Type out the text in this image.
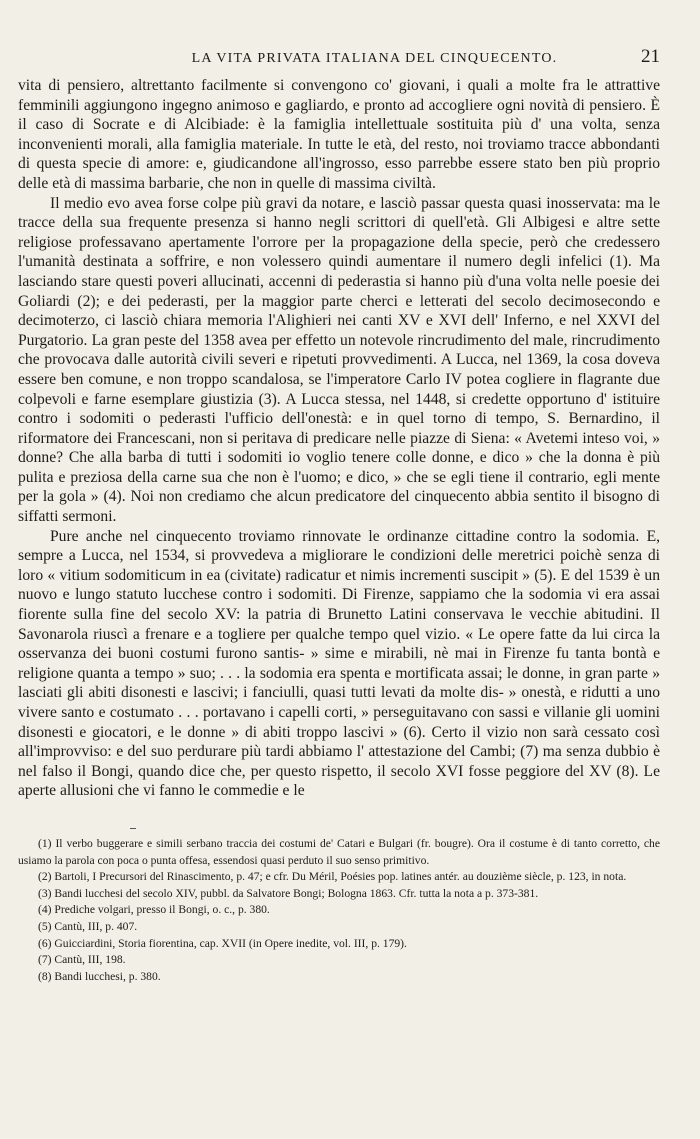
LA VITA PRIVATA ITALIANA DEL CINQUECENTO.	21

vita di pensiero, altrettanto facilmente si convengono co' giovani, i quali a molte fra le attrattive femminili aggiungono ingegno animoso e gagliardo, e pronto ad accogliere ogni novità di pensiero. È il caso di Socrate e di Alcibiade: è la famiglia intellettuale sostituita più d' una volta, senza inconvenienti morali, alla famiglia materiale. In tutte le età, del resto, noi troviamo tracce abbondanti di questa specie di amore: e, giudicandone all'ingrosso, esso parrebbe essere stato ben più proprio delle età di massima barbarie, che non in quelle di massima civiltà.

Il medio evo avea forse colpe più gravi da notare, e lasciò passar questa quasi inosservata: ma le tracce della sua frequente presenza si hanno negli scrittori di quell'età. Gli Albigesi e altre sette religiose professavano apertamente l'orrore per la propagazione della specie, però che credessero l'umanità destinata a soffrire, e non volessero quindi aumentare il numero degli infelici (1). Ma lasciando stare questi poveri allucinati, accenni di pederastia si hanno più d'una volta nelle poesie dei Goliardi (2); e dei pederasti, per la maggior parte cherci e letterati del secolo decimosecondo e decimoterzo, ci lasciò chiara memoria l'Alighieri nei canti XV e XVI dell' Inferno, e nel XXVI del Purgatorio. La gran peste del 1358 avea per effetto un notevole rincrudimento del male, rincrudimento che provocava dalle autorità civili severi e ripetuti provvedimenti. A Lucca, nel 1369, la cosa doveva essere ben comune, e non troppo scandalosa, se l'imperatore Carlo IV potea cogliere in flagrante due colpevoli e farne esemplare giustizia (3). A Lucca stessa, nel 1448, si credette opportuno d' istituire contro i sodomiti o pederasti l'ufficio dell'onestà: e in quel torno di tempo, S. Bernardino, il riformatore dei Francescani, non si peritava di predicare nelle piazze di Siena: « Avetemi inteso voi, » donne? Che alla barba di tutti i sodomiti io voglio tenere colle donne, e dico » che la donna è più pulita e preziosa della carne sua che non è l'uomo; e dico, » che se egli tiene il contrario, egli mente per la gola » (4). Noi non crediamo che alcun predicatore del cinquecento abbia sentito il bisogno di siffatti sermoni.

Pure anche nel cinquecento troviamo rinnovate le ordinanze cittadine contro la sodomia. E, sempre a Lucca, nel 1534, si provvedeva a migliorare le condizioni delle meretrici poichè senza di loro « vitium sodomiticum in ea (civitate) radicatur et nimis incrementi suscipit » (5). E del 1539 è un nuovo e lungo statuto lucchese contro i sodomiti. Di Firenze, sappiamo che la sodomia vi era assai fiorente sulla fine del secolo XV: la patria di Brunetto Latini conservava le vecchie abitudini. Il Savonarola riuscì a frenare e a togliere per qualche tempo quel vizio. « Le opere fatte da lui circa la osservanza dei buoni costumi furono santis- » sime e mirabili, nè mai in Firenze fu tanta bontà e religione quanta a tempo » suo; . . . la sodomia era spenta e mortificata assai; le donne, in gran parte » lasciati gli abiti disonesti e lascivi; i fanciulli, quasi tutti levati da molte dis- » onestà, e ridutti a uno vivere santo e costumato . . . portavano i capelli corti, » perseguitavano con sassi e villanie gli uomini disonesti e giocatori, e le donne » di abiti troppo lascivi » (6). Certo il vizio non sarà cessato così all'improvviso: e del suo perdurare più tardi abbiamo l' attestazione del Cambi; (7) ma senza dubbio è nel falso il Bongi, quando dice che, per questo rispetto, il secolo XVI fosse peggiore del XV (8). Le aperte allusioni che vi fanno le commedie e le

(1) Il verbo buggerare e simili serbano traccia dei costumi de' Catari e Bulgari (fr. bougre). Ora il costume è di tanto corretto, che usiamo la parola con poca o punta offesa, essendosi quasi perduto il suo senso primitivo.

(2) Bartoli, I Precursori del Rinascimento, p. 47; e cfr. Du Méril, Poésies pop. latines antér. au douzième siècle, p. 123, in nota.

(3) Bandi lucchesi del secolo XIV, pubbl. da Salvatore Bongi; Bologna 1863. Cfr. tutta la nota a p. 373-381.

(4) Prediche volgari, presso il Bongi, o. c., p. 380.

(5) Cantù, III, p. 407.

(6) Guicciardini, Storia fiorentina, cap. XVII (in Opere inedite, vol. III, p. 179).

(7) Cantù, III, 198.

(8) Bandi lucchesi, p. 380.
